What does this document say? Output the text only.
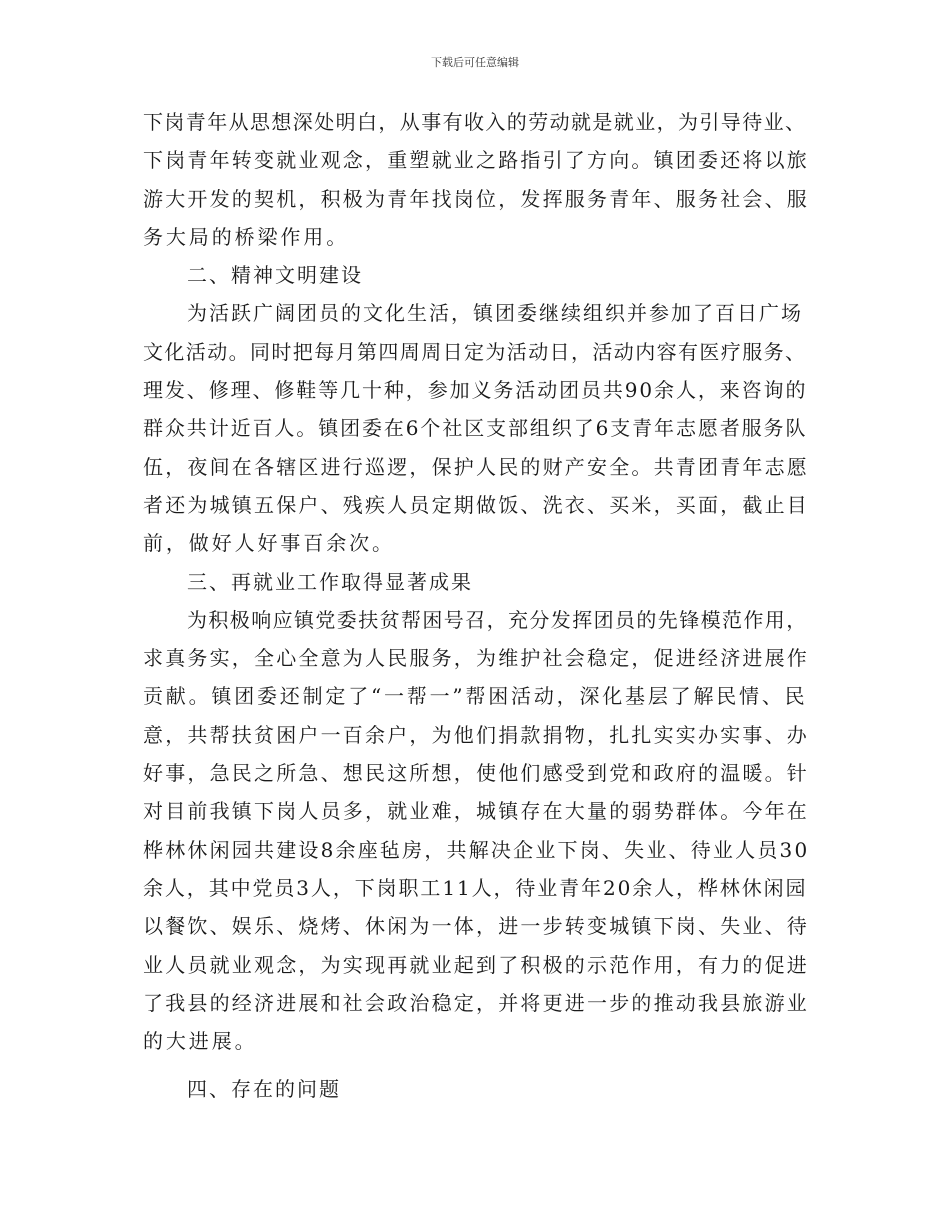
下载后可任意编辑
下岗青年从思想深处明白，从事有收入的劳动就是就业，为引导待业、
下岗青年转变就业观念，重塑就业之路指引了方向。镇团委还将以旅
游大开发的契机，积极为青年找岗位，发挥服务青年、服务社会、服
务大局的桥梁作用。
二、精神文明建设
为活跃广阔团员的文化生活，镇团委继续组织并参加了百日广场
文化活动。同时把每月第四周周日定为活动日，活动内容有医疗服务、
理发、修理、修鞋等几十种，参加义务活动团员共90余人，来咨询的
群众共计近百人。镇团委在6个社区支部组织了6支青年志愿者服务队
伍，夜间在各辖区进行巡逻，保护人民的财产安全。共青团青年志愿
者还为城镇五保户、残疾人员定期做饭、洗衣、买米，买面，截止目
前，做好人好事百余次。
三、再就业工作取得显著成果
为积极响应镇党委扶贫帮困号召，充分发挥团员的先锋模范作用，
求真务实，全心全意为人民服务，为维护社会稳定，促进经济进展作
贡献。镇团委还制定了“一帮一”帮困活动，深化基层了解民情、民
意，共帮扶贫困户一百余户，为他们捐款捐物，扎扎实实办实事、办
好事，急民之所急、想民这所想，使他们感受到党和政府的温暖。针
对目前我镇下岗人员多，就业难，城镇存在大量的弱势群体。今年在
桦林休闲园共建设8余座毡房，共解决企业下岗、失业、待业人员30
余人，其中党员3人，下岗职工11人，待业青年20余人，桦林休闲园
以餐饮、娱乐、烧烤、休闲为一体，进一步转变城镇下岗、失业、待
业人员就业观念，为实现再就业起到了积极的示范作用，有力的促进
了我县的经济进展和社会政治稳定，并将更进一步的推动我县旅游业
的大进展。
四、存在的问题
